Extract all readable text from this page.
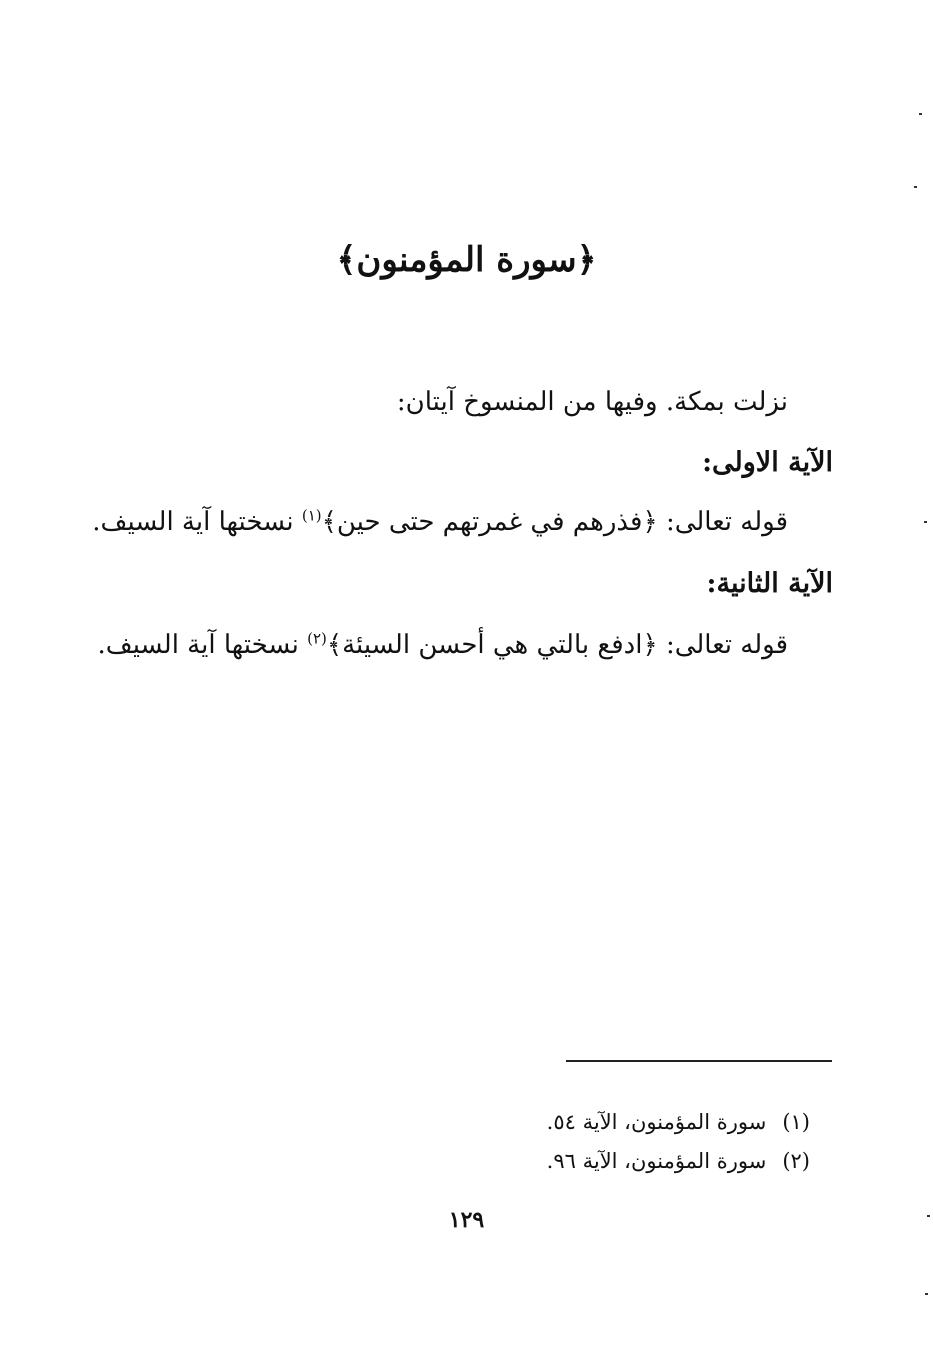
﴿سورة المؤمنون﴾
نزلت بمكة. وفيها من المنسوخ آيتان:
الآية الاولى:
قوله تعالى: ﴿فذرهم في غمرتهم حتى حين﴾$^{(١)}$ نسختها آية السيف.
الآية الثانية:
قوله تعالى: ﴿ادفع بالتي هي أحسن السيئة﴾$^{(٢)}$ نسختها آية السيف.
(١)سورة المؤمنون، الآية ٥٤.
(٢)سورة المؤمنون، الآية ٩٦.
١٢٩
